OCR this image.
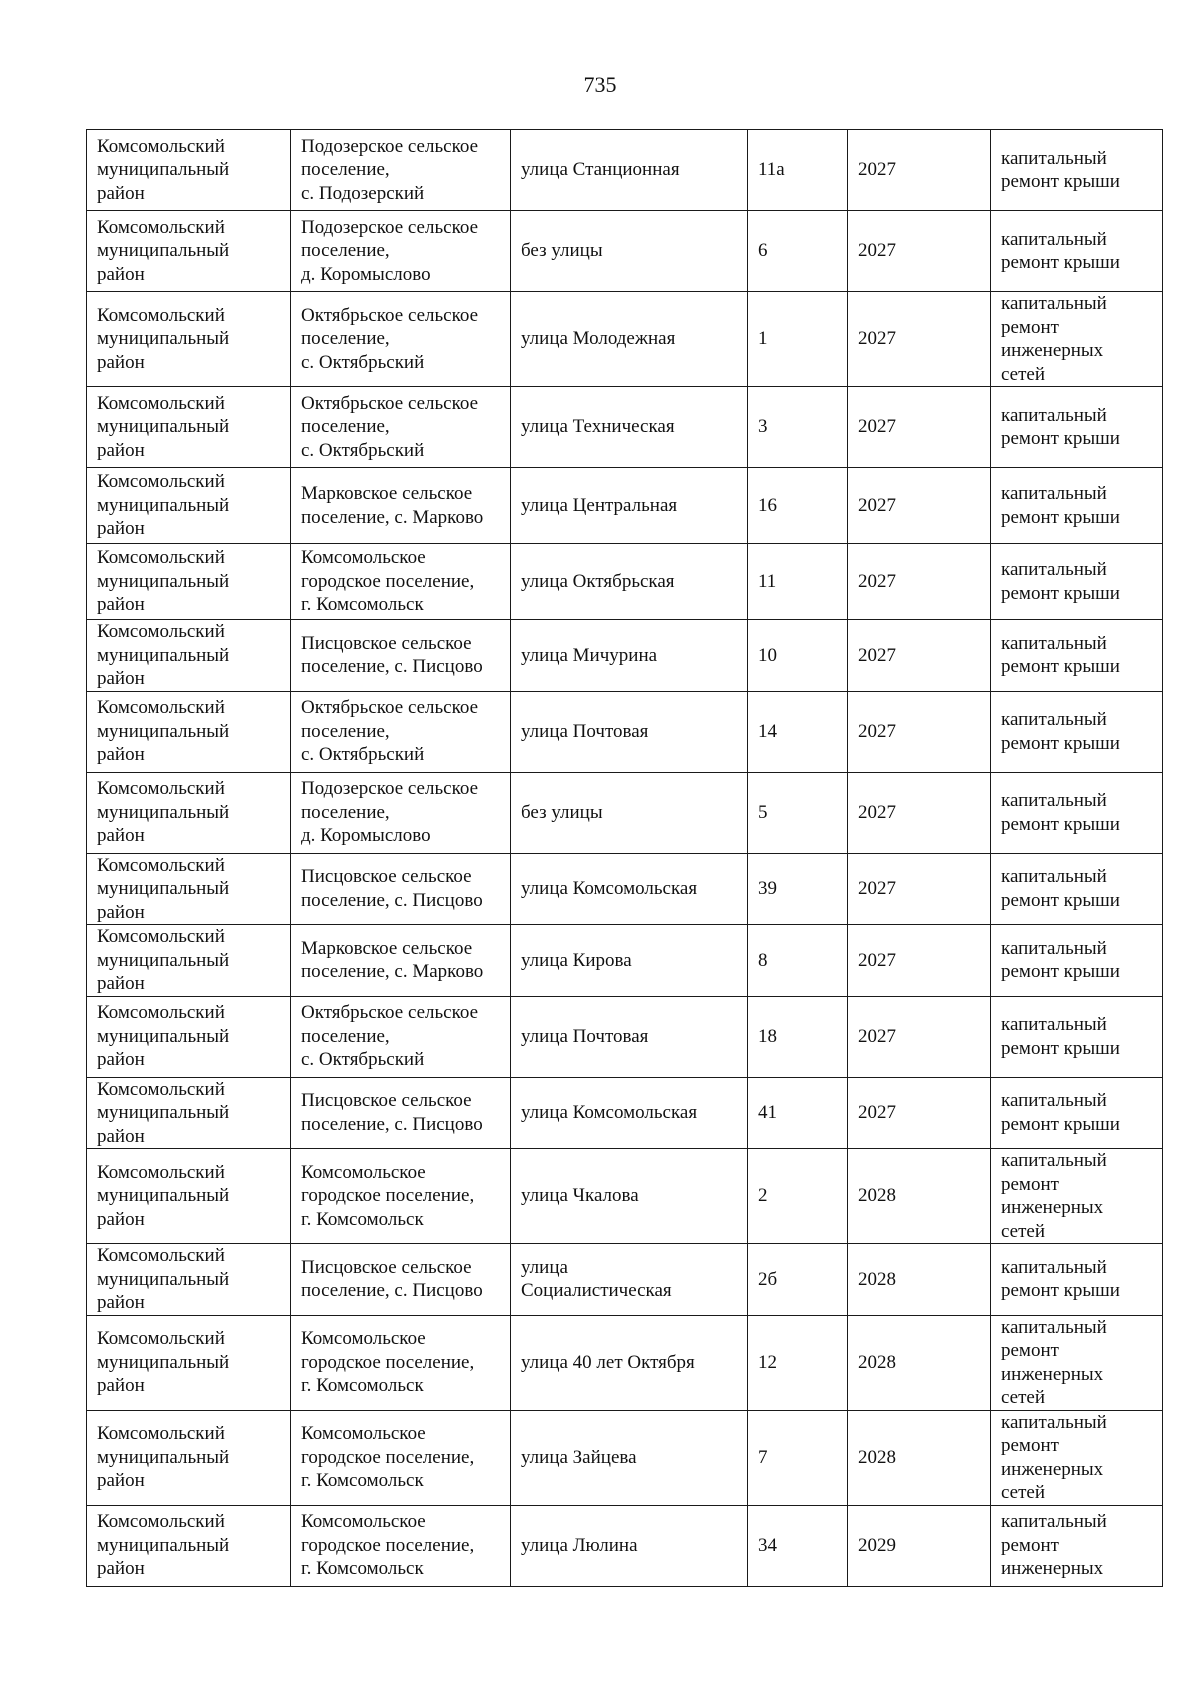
735
Комсомольский
муниципальный
район	Подозерское сельское
поселение,
с. Подозерский	улица Станционная	11а	2027	капитальный
ремонт крыши
Комсомольский
муниципальный
район	Подозерское сельское
поселение,
д. Коромыслово	без улицы	6	2027	капитальный
ремонт крыши
Комсомольский
муниципальный
район	Октябрьское сельское
поселение,
с. Октябрьский	улица Молодежная	1	2027	капитальный
ремонт
инженерных
сетей
Комсомольский
муниципальный
район	Октябрьское сельское
поселение,
с. Октябрьский	улица Техническая	3	2027	капитальный
ремонт крыши
Комсомольский
муниципальный
район	Марковское сельское
поселение, с. Марково	улица Центральная	16	2027	капитальный
ремонт крыши
Комсомольский
муниципальный
район	Комсомольское
городское поселение,
г. Комсомольск	улица Октябрьская	11	2027	капитальный
ремонт крыши
Комсомольский
муниципальный
район	Писцовское сельское
поселение, с. Писцово	улица Мичурина	10	2027	капитальный
ремонт крыши
Комсомольский
муниципальный
район	Октябрьское сельское
поселение,
с. Октябрьский	улица Почтовая	14	2027	капитальный
ремонт крыши
Комсомольский
муниципальный
район	Подозерское сельское
поселение,
д. Коромыслово	без улицы	5	2027	капитальный
ремонт крыши
Комсомольский
муниципальный
район	Писцовское сельское
поселение, с. Писцово	улица Комсомольская	39	2027	капитальный
ремонт крыши
Комсомольский
муниципальный
район	Марковское сельское
поселение, с. Марково	улица Кирова	8	2027	капитальный
ремонт крыши
Комсомольский
муниципальный
район	Октябрьское сельское
поселение,
с. Октябрьский	улица Почтовая	18	2027	капитальный
ремонт крыши
Комсомольский
муниципальный
район	Писцовское сельское
поселение, с. Писцово	улица Комсомольская	41	2027	капитальный
ремонт крыши
Комсомольский
муниципальный
район	Комсомольское
городское поселение,
г. Комсомольск	улица Чкалова	2	2028	капитальный
ремонт
инженерных
сетей
Комсомольский
муниципальный
район	Писцовское сельское
поселение, с. Писцово	улица
Социалистическая	2б	2028	капитальный
ремонт крыши
Комсомольский
муниципальный
район	Комсомольское
городское поселение,
г. Комсомольск	улица 40 лет Октября	12	2028	капитальный
ремонт
инженерных
сетей
Комсомольский
муниципальный
район	Комсомольское
городское поселение,
г. Комсомольск	улица Зайцева	7	2028	капитальный
ремонт
инженерных
сетей
Комсомольский
муниципальный
район	Комсомольское
городское поселение,
г. Комсомольск	улица Люлина	34	2029	капитальный
ремонт
инженерных
